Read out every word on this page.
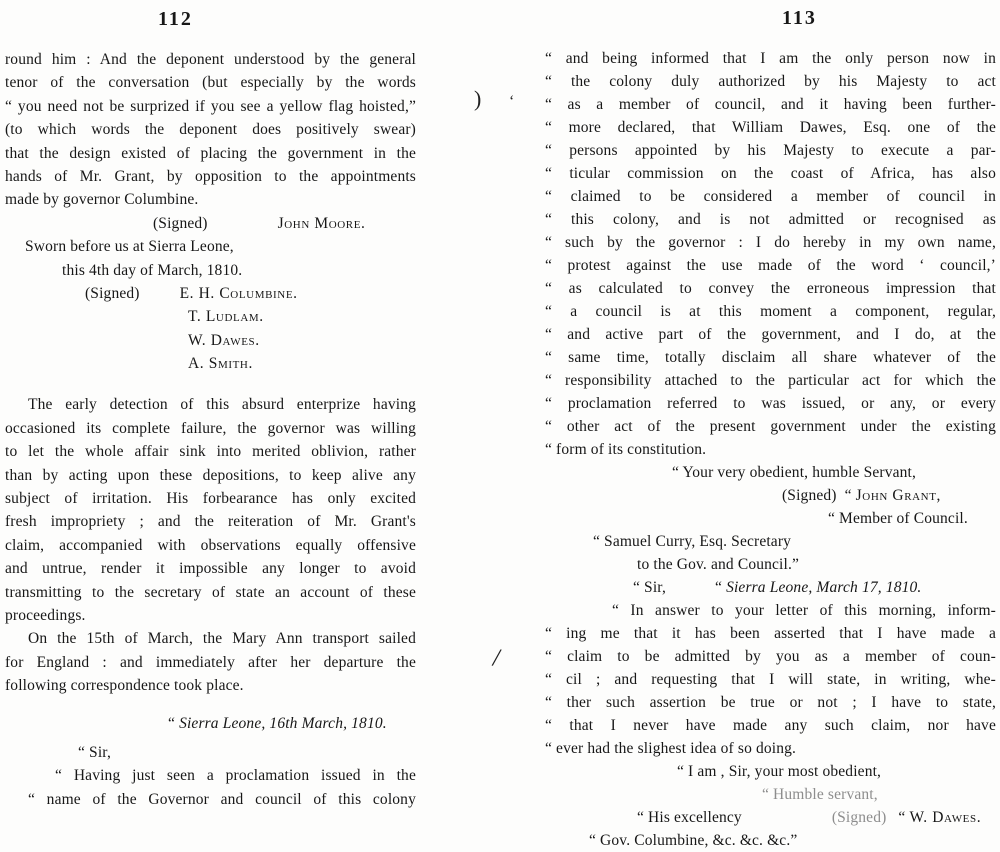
112
round him : And the deponent understood by the general
tenor of the conversation (but especially by the words
“ you need not be surprized if you see a yellow flag hoisted,”
(to which words the deponent does positively swear)
that the design existed of placing the government in the
hands of Mr. Grant, by opposition to the appointments
made by governor Columbine.
(Signed)	John Moore.
Sworn before us at Sierra Leone,
this 4th day of March, 1810.
(Signed)	E. H. Columbine.
T. Ludlam.
W. Dawes.
A. Smith.
The early detection of this absurd enterprize having
occasioned its complete failure, the governor was willing
to let the whole affair sink into merited oblivion, rather
than by acting upon these depositions, to keep alive any
subject of irritation. His forbearance has only excited
fresh impropriety ; and the reiteration of Mr. Grant's
claim, accompanied with observations equally offensive
and untrue, render it impossible any longer to avoid
transmitting to the secretary of state an account of these
proceedings.
On the 15th of March, the Mary Ann transport sailed
for England : and immediately after her departure the
following correspondence took place.
“ Sierra Leone, 16th March, 1810.
“ Sir,
“ Having just seen a proclamation issued in the
“ name of the Governor and council of this colony
113
“ and being informed that I am the only person now in
“ the colony duly authorized by his Majesty to act
“ as a member of council, and it having been further-
“ more declared, that William Dawes, Esq. one of the
“ persons appointed by his Majesty to execute a par-
“ ticular commission on the coast of Africa, has also
“ claimed to be considered a member of council in
“ this colony, and is not admitted or recognised as
“ such by the governor : I do hereby in my own name,
“ protest against the use made of the word ‘ council,’
“ as calculated to convey the erroneous impression that
“ a council is at this moment a component, regular,
“ and active part of the government, and I do, at the
“ same time, totally disclaim all share whatever of the
“ responsibility attached to the particular act for which the
“ proclamation referred to was issued, or any, or every
“ other act of the present government under the existing
“ form of its constitution.
“ Your very obedient, humble Servant,
(Signed) “ John Grant,
“ Member of Council.
“ Samuel Curry, Esq. Secretary
to the Gov. and Council.”
“ Sir,	“ Sierra Leone, March 17, 1810.
“ In answer to your letter of this morning, inform-
“ ing me that it has been asserted that I have made a
“ claim to be admitted by you as a member of coun-
“ cil ; and requesting that I will state, in writing, whe-
“ ther such assertion be true or not ; I have to state,
“ that I never have made any such claim, nor have
“ ever had the slighest idea of so doing.
“ I am , Sir, your most obedient,
“ Humble servant,
“ His excellency	(Signed) “ W. Dawes.
“ Gov. Columbine, &c. &c. &c.”
) ʻ
/
